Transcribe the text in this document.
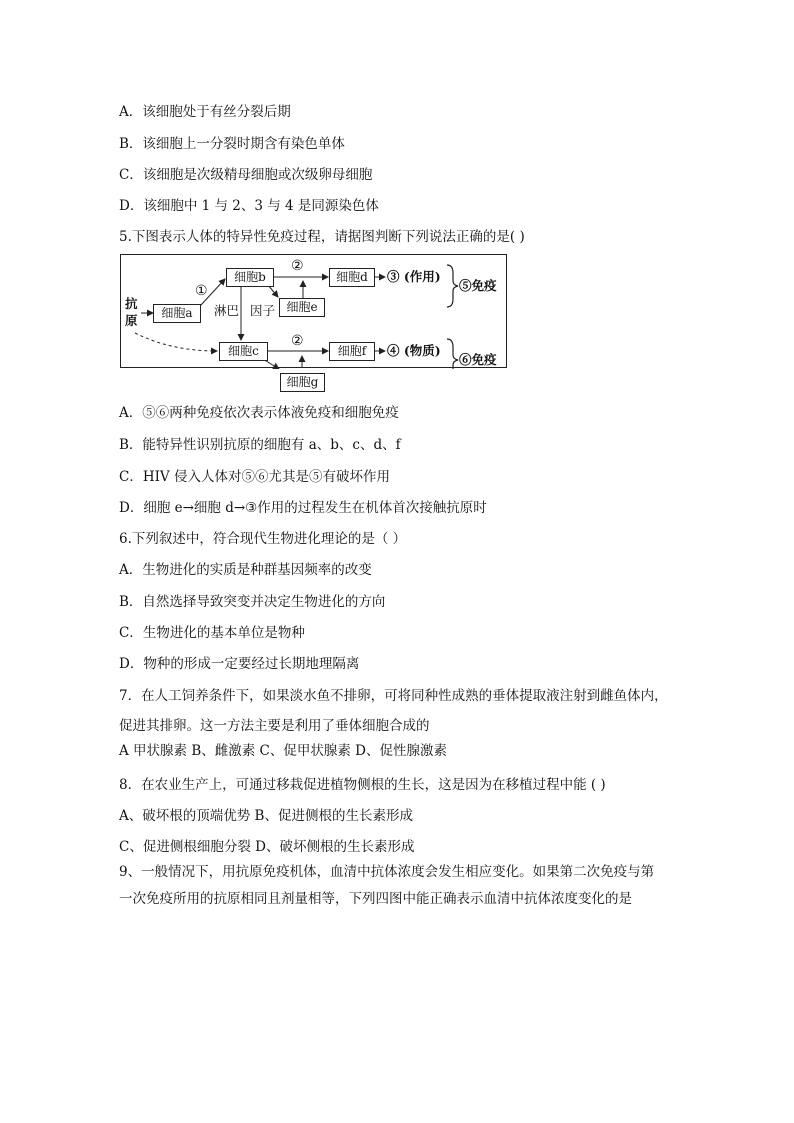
A．该细胞处于有丝分裂后期
B．该细胞上一分裂时期含有染色单体
C．该细胞是次级精母细胞或次级卵母细胞
D．该细胞中 1 与 2、3 与 4 是同源染色体
5.下图表示人体的特异性免疫过程，请据图判断下列说法正确的是( )
抗
原	细胞a
细胞b	细胞d
细胞e
细胞c	细胞f
①
②
②
淋巴 因子
③ (作用)
④ (物质)
⑤免疫
⑥免疫
细胞g
A．⑤⑥两种免疫依次表示体液免疫和细胞免疫
B．能特异性识别抗原的细胞有 a、b、c、d、f
C．HIV 侵入人体对⑤⑥尤其是⑤有破坏作用
D．细胞 e→细胞 d→③作用的过程发生在机体首次接触抗原时
6.下列叙述中，符合现代生物进化理论的是（ ）
A．生物进化的实质是种群基因频率的改变
B．自然选择导致突变并决定生物进化的方向
C．生物进化的基本单位是物种
D．物种的形成一定要经过长期地理隔离
7．在人工饲养条件下，如果淡水鱼不排卵，可将同种性成熟的垂体提取液注射到雌鱼体内，
促进其排卵。这一方法主要是利用了垂体细胞合成的
A 甲状腺素 B、雌激素 C、促甲状腺素 D、促性腺激素
8．在农业生产上，可通过移栽促进植物侧根的生长，这是因为在移植过程中能 ( )
A、破坏根的顶端优势 B、促进侧根的生长素形成
C、促进侧根细胞分裂 D、破坏侧根的生长素形成
9、一般情况下，用抗原免疫机体，血清中抗体浓度会发生相应变化。如果第二次免疫与第
一次免疫所用的抗原相同且剂量相等，下列四图中能正确表示血清中抗体浓度变化的是
